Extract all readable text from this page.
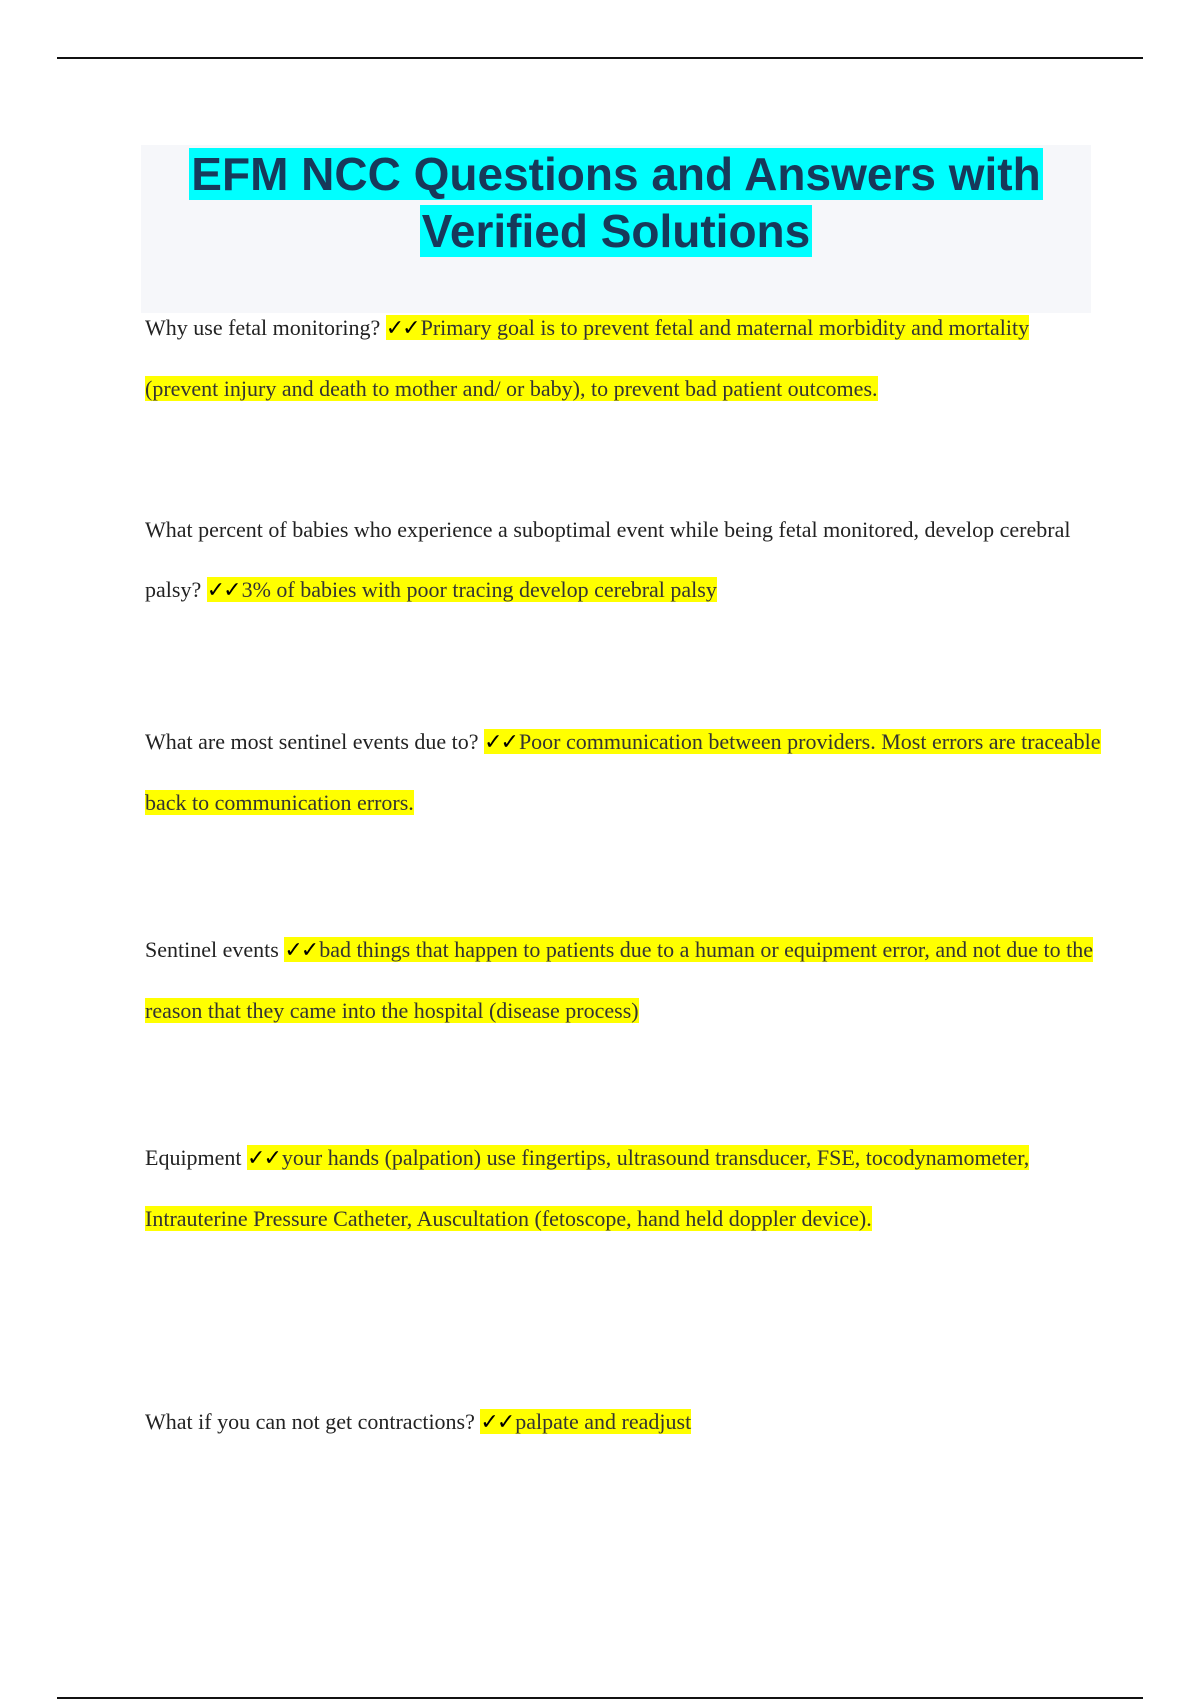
EFM NCC Questions and Answers with
Verified Solutions

Why use fetal monitoring? ✓✓Primary goal is to prevent fetal and maternal morbidity and mortality (prevent injury and death to mother and/ or baby), to prevent bad patient outcomes.

What percent of babies who experience a suboptimal event while being fetal monitored, develop cerebral palsy? ✓✓3% of babies with poor tracing develop cerebral palsy

What are most sentinel events due to? ✓✓Poor communication between providers. Most errors are traceable back to communication errors.

Sentinel events ✓✓bad things that happen to patients due to a human or equipment error, and not due to the reason that they came into the hospital (disease process)

Equipment ✓✓your hands (palpation) use fingertips, ultrasound transducer, FSE, tocodynamometer, Intrauterine Pressure Catheter, Auscultation (fetoscope, hand held doppler device).

What if you can not get contractions? ✓✓palpate and readjust
